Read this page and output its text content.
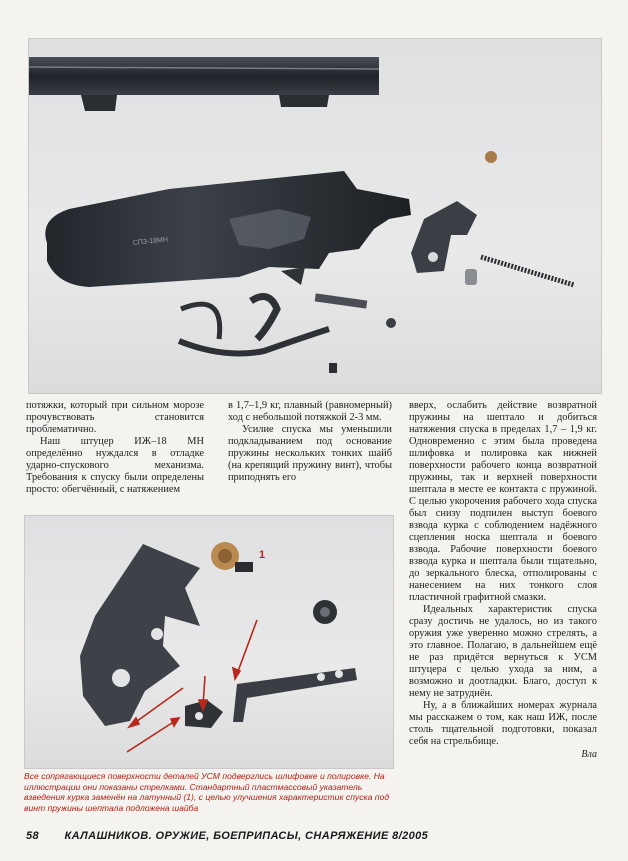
СПЗ-18МН

потяжки, который при сильном морозе прочувствовать становится проблематично.

Наш штуцер ИЖ–18 МН определённо нуждался в отладке ударно-спускового механизма. Требования к спуску были определены просто: обегчённый, с натяжением

в 1,7–1,9 кг, плавный (равномерный) ход с небольшой потяжкой 2-3 мм.

Усилие спуска мы уменьшили подкладыванием под основание пружины нескольких тонких шайб (на крепящий пружину винт), чтобы приподнять его

вверх, ослабить действие возвратной пружины на шептало и добиться натяжения спуска в пределах 1,7 – 1,9 кг. Одновременно с этим была проведена шлифовка и полировка как нижней поверхности рабочего конца возвратной пружины, так и верхней поверхности шептала в месте ее контакта с пружиной. С целью укорочения рабочего хода спуска был снизу подпилен выступ боевого взвода курка с соблюдением надёжного сцепления носка шептала и боевого взвода. Рабочие поверхности боевого взвода курка и шептала были тщательно, до зеркального блеска, отполированы с нанесением на них тонкого слоя пластичной графитной смазки.

Идеальных характеристик спуска сразу достичь не удалось, но из такого оружия уже уверенно можно стрелять, а это главное. Полагаю, в дальнейшем ещё не раз придётся вернуться к УСМ штуцера с целью ухода за ним, а возможно и доотладки. Благо, доступ к нему не затруднён.

Ну, а в ближайших номерах журнала мы расскажем о том, как наш ИЖ, после столь тщательной подготовки, показал себя на стрельбище.

Вла

1
Все сопрягающиеся поверхности деталей УСМ подверглись шлифовке и полировке. На иллюстрации они показаны стрелками. Стандартный пластмассовый указатель взведения курка заменён на латунный (1), с целью улучшения характеристик спуска под винт пружины шептала подложена шайба
58 КАЛАШНИКОВ. ОРУЖИЕ, БОЕПРИПАСЫ, СНАРЯЖЕНИЕ 8/2005
